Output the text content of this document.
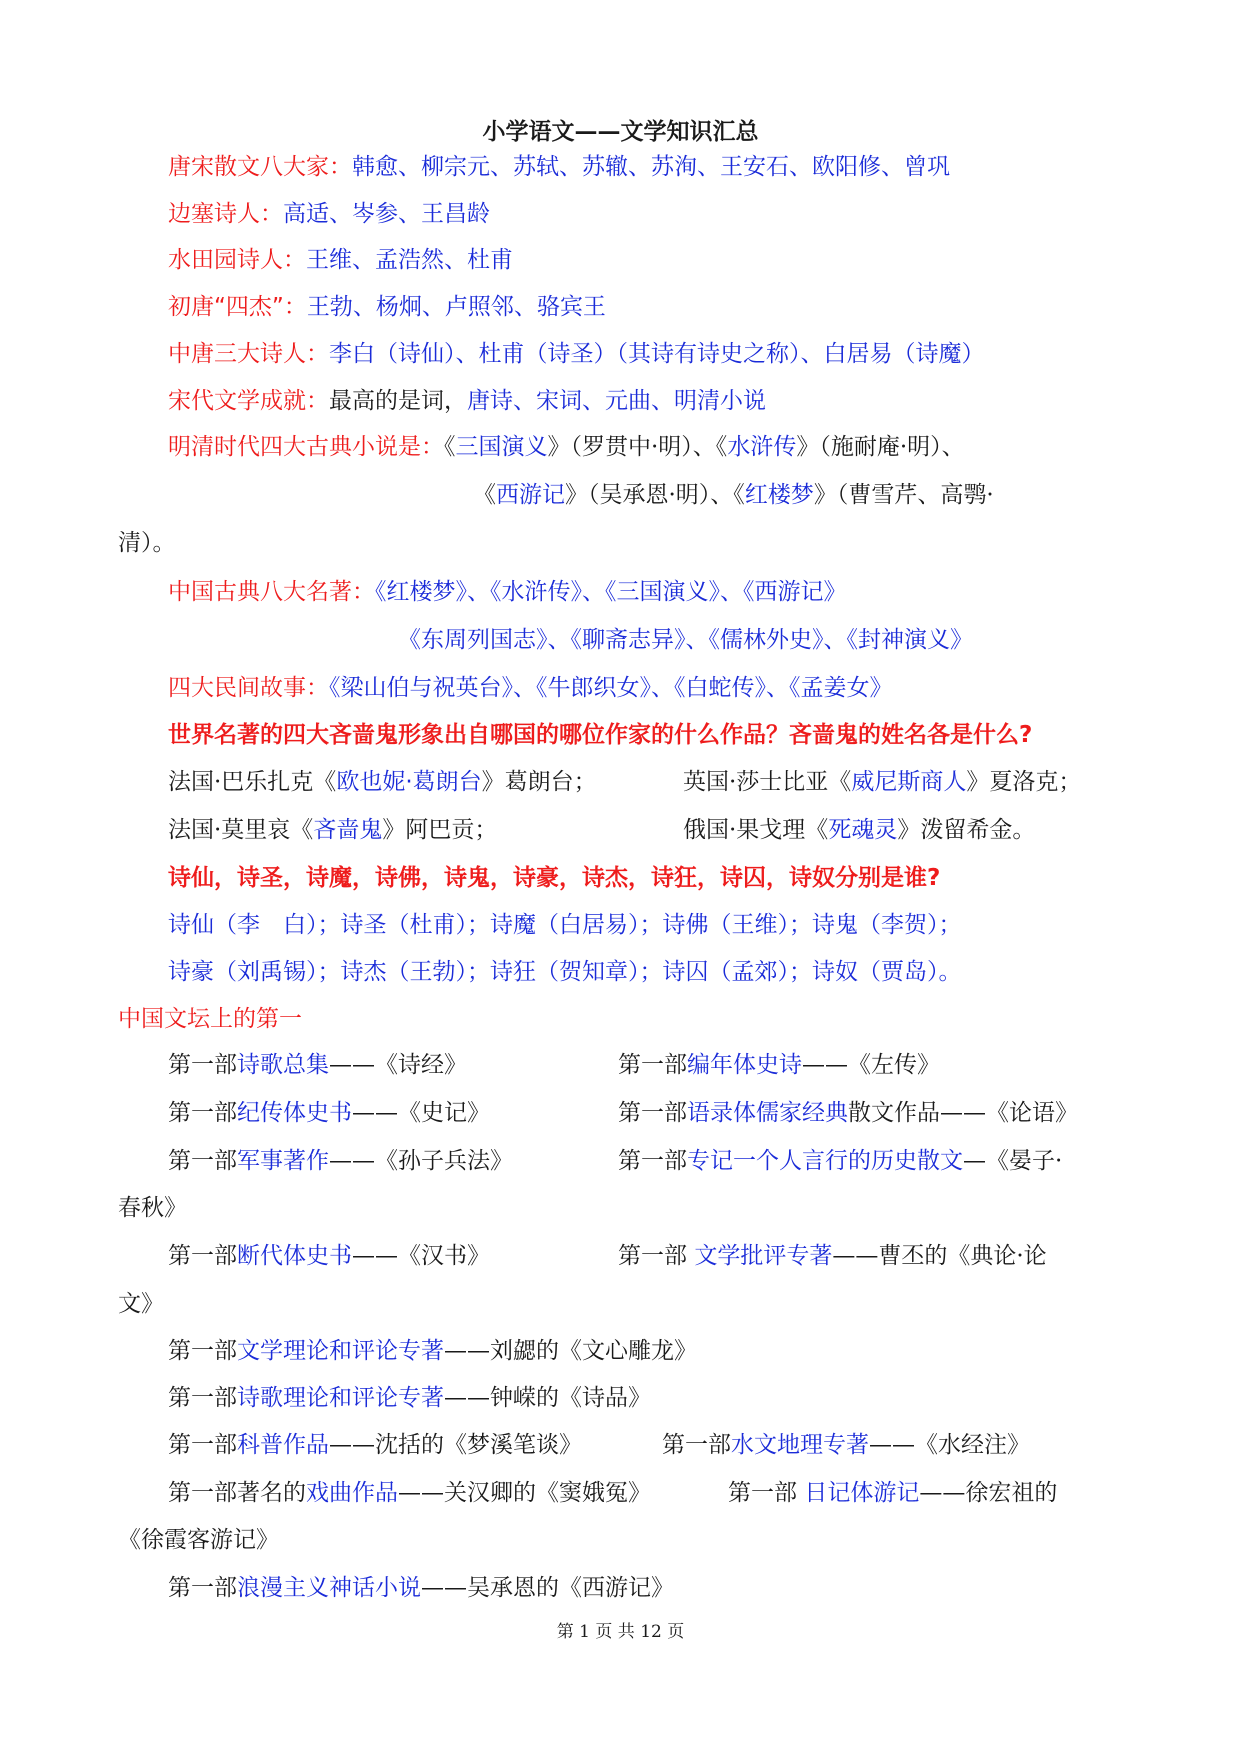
小学语文——文学知识汇总
唐宋散文八大家：韩愈、柳宗元、苏轼、苏辙、苏洵、王安石、欧阳修、曾巩
边塞诗人：高适、岑参、王昌龄
水田园诗人：王维、孟浩然、杜甫
初唐“四杰”：王勃、杨炯、卢照邻、骆宾王
中唐三大诗人：李白（诗仙）、杜甫（诗圣）（其诗有诗史之称）、白居易（诗魔）
宋代文学成就：最高的是词，唐诗、宋词、元曲、明清小说
明清时代四大古典小说是：《三国演义》（罗贯中·明）、《水浒传》（施耐庵·明）、
《西游记》（吴承恩·明）、《红楼梦》（曹雪芹、高鹗·
清）。
中国古典八大名著：《红楼梦》、《水浒传》、《三国演义》、《西游记》
《东周列国志》、《聊斋志异》、《儒林外史》、《封神演义》
四大民间故事：《梁山伯与祝英台》、《牛郎织女》、《白蛇传》、《孟姜女》
世界名著的四大吝啬鬼形象出自哪国的哪位作家的什么作品？吝啬鬼的姓名各是什么?
法国·巴乐扎克《欧也妮·葛朗台》葛朗台；	英国·莎士比亚《威尼斯商人》夏洛克；
法国·莫里哀《吝啬鬼》阿巴贡；	俄国·果戈理《死魂灵》泼留希金。
诗仙，诗圣，诗魔，诗佛，诗鬼，诗豪，诗杰，诗狂，诗囚，诗奴分别是谁?
诗仙（李　白）；诗圣（杜甫）；诗魔（白居易）；诗佛（王维）；诗鬼（李贺）；
诗豪（刘禹锡）；诗杰（王勃）；诗狂（贺知章）；诗囚（孟郊）；诗奴（贾岛）。
中国文坛上的第一
第一部诗歌总集——《诗经》	第一部编年体史诗——《左传》
第一部纪传体史书——《史记》	第一部语录体儒家经典散文作品——《论语》
第一部军事著作——《孙子兵法》	第一部专记一个人言行的历史散文—《晏子·
春秋》
第一部断代体史书——《汉书》	第一部 文学批评专著——曹丕的《典论·论
文》
第一部文学理论和评论专著——刘勰的《文心雕龙》
第一部诗歌理论和评论专著——钟嵘的《诗品》
第一部科普作品——沈括的《梦溪笔谈》	第一部水文地理专著——《水经注》
第一部著名的戏曲作品——关汉卿的《窦娥冤》	第一部 日记体游记——徐宏祖的
《徐霞客游记》
第一部浪漫主义神话小说——吴承恩的《西游记》
第 1 页 共 12 页
